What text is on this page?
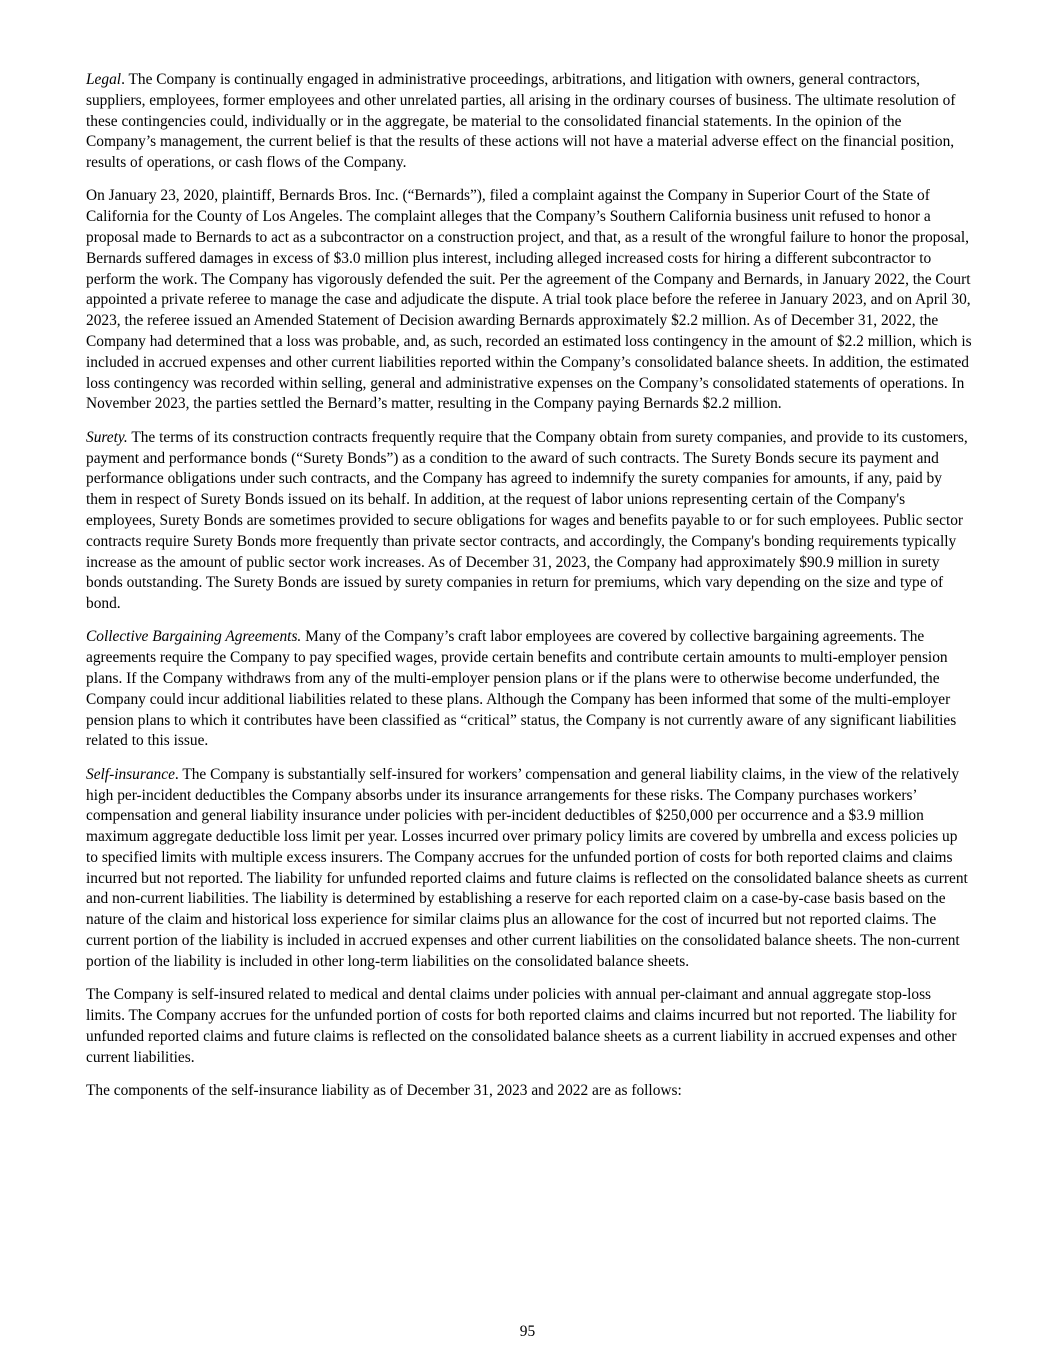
Legal. The Company is continually engaged in administrative proceedings, arbitrations, and litigation with owners, general contractors, suppliers, employees, former employees and other unrelated parties, all arising in the ordinary courses of business. The ultimate resolution of these contingencies could, individually or in the aggregate, be material to the consolidated financial statements. In the opinion of the Company’s management, the current belief is that the results of these actions will not have a material adverse effect on the financial position, results of operations, or cash flows of the Company.

On January 23, 2020, plaintiff, Bernards Bros. Inc. (“Bernards”), filed a complaint against the Company in Superior Court of the State of California for the County of Los Angeles. The complaint alleges that the Company’s Southern California business unit refused to honor a proposal made to Bernards to act as a subcontractor on a construction project, and that, as a result of the wrongful failure to honor the proposal, Bernards suffered damages in excess of $3.0 million plus interest, including alleged increased costs for hiring a different subcontractor to perform the work. The Company has vigorously defended the suit. Per the agreement of the Company and Bernards, in January 2022, the Court appointed a private referee to manage the case and adjudicate the dispute. A trial took place before the referee in January 2023, and on April 30, 2023, the referee issued an Amended Statement of Decision awarding Bernards approximately $2.2 million. As of December 31, 2022, the Company had determined that a loss was probable, and, as such, recorded an estimated loss contingency in the amount of $2.2 million, which is included in accrued expenses and other current liabilities reported within the Company’s consolidated balance sheets. In addition, the estimated loss contingency was recorded within selling, general and administrative expenses on the Company’s consolidated statements of operations. In November 2023, the parties settled the Bernard’s matter, resulting in the Company paying Bernards $2.2 million.

Surety. The terms of its construction contracts frequently require that the Company obtain from surety companies, and provide to its customers, payment and performance bonds (“Surety Bonds”) as a condition to the award of such contracts. The Surety Bonds secure its payment and performance obligations under such contracts, and the Company has agreed to indemnify the surety companies for amounts, if any, paid by them in respect of Surety Bonds issued on its behalf. In addition, at the request of labor unions representing certain of the Company's employees, Surety Bonds are sometimes provided to secure obligations for wages and benefits payable to or for such employees. Public sector contracts require Surety Bonds more frequently than private sector contracts, and accordingly, the Company's bonding requirements typically increase as the amount of public sector work increases. As of December 31, 2023, the Company had approximately $90.9 million in surety bonds outstanding. The Surety Bonds are issued by surety companies in return for premiums, which vary depending on the size and type of bond.

Collective Bargaining Agreements. Many of the Company’s craft labor employees are covered by collective bargaining agreements. The agreements require the Company to pay specified wages, provide certain benefits and contribute certain amounts to multi-employer pension plans. If the Company withdraws from any of the multi-employer pension plans or if the plans were to otherwise become underfunded, the Company could incur additional liabilities related to these plans. Although the Company has been informed that some of the multi-employer pension plans to which it contributes have been classified as “critical” status, the Company is not currently aware of any significant liabilities related to this issue.

Self-insurance. The Company is substantially self-insured for workers’ compensation and general liability claims, in the view of the relatively high per-incident deductibles the Company absorbs under its insurance arrangements for these risks. The Company purchases workers’ compensation and general liability insurance under policies with per-incident deductibles of $250,000 per occurrence and a $3.9 million maximum aggregate deductible loss limit per year. Losses incurred over primary policy limits are covered by umbrella and excess policies up to specified limits with multiple excess insurers. The Company accrues for the unfunded portion of costs for both reported claims and claims incurred but not reported. The liability for unfunded reported claims and future claims is reflected on the consolidated balance sheets as current and non-current liabilities. The liability is determined by establishing a reserve for each reported claim on a case-by-case basis based on the nature of the claim and historical loss experience for similar claims plus an allowance for the cost of incurred but not reported claims. The current portion of the liability is included in accrued expenses and other current liabilities on the consolidated balance sheets. The non-current portion of the liability is included in other long-term liabilities on the consolidated balance sheets.

The Company is self-insured related to medical and dental claims under policies with annual per-claimant and annual aggregate stop-loss limits. The Company accrues for the unfunded portion of costs for both reported claims and claims incurred but not reported. The liability for unfunded reported claims and future claims is reflected on the consolidated balance sheets as a current liability in accrued expenses and other current liabilities.

The components of the self-insurance liability as of December 31, 2023 and 2022 are as follows:

95
